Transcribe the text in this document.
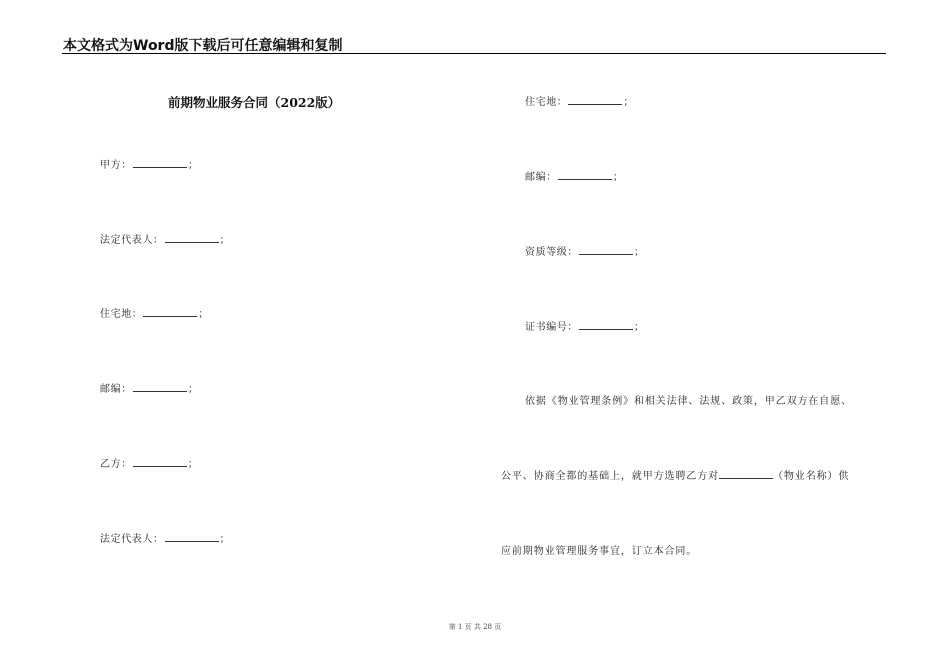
本文格式为Word版下载后可任意编辑和复制
前期物业服务合同（2022版）
甲方：	；
法定代表人：	；
住宅地：	；
邮编：	；
乙方：	；
法定代表人：	；
住宅地：	；
邮编：	；
资质等级：	；
证书编号：	；
依据《物业管理条例》和相关法律、法规、政策，甲乙双方在自愿、
公平、协商全都的基础上，就甲方选聘乙方对	（物业名称）供
应前期物业管理服务事宜，订立本合同。
第 1 页 共 28 页
